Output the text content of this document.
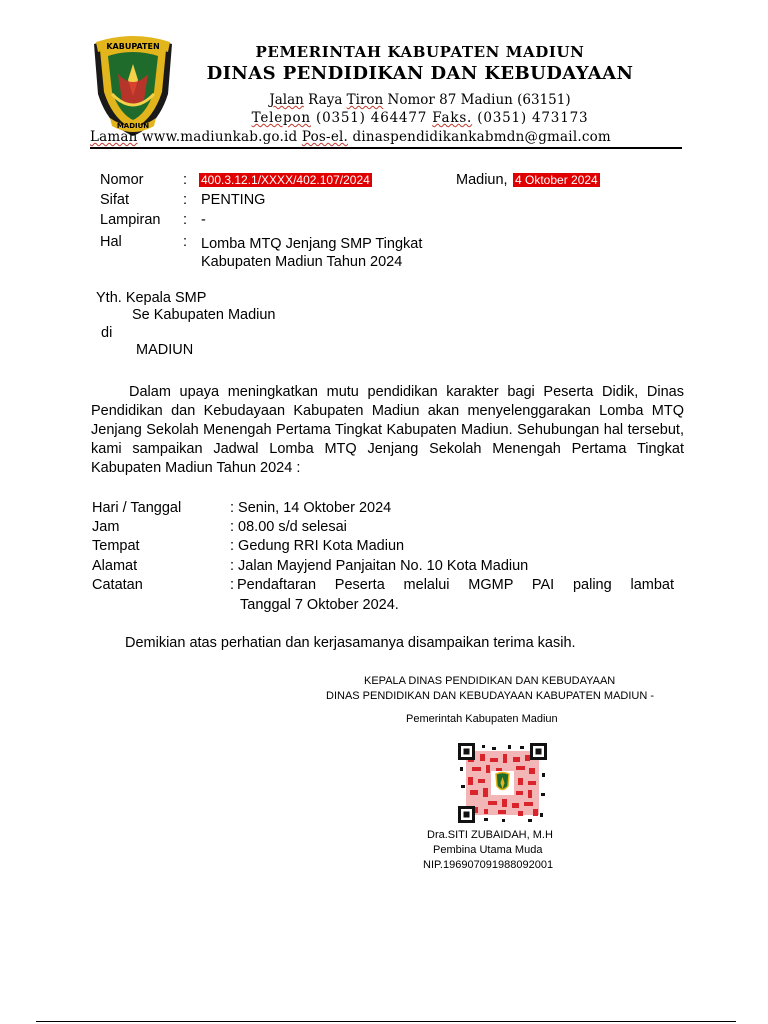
KABUPATEN
MADIUN
PEMERINTAH KABUPATEN MADIUN
DINAS PENDIDIKAN DAN KEBUDAYAAN
Jalan Raya Tiron Nomor 87 Madiun (63151)
Telepon (0351) 464477 Faks. (0351) 473173
Laman www.madiunkab.go.id Pos-el. dinaspendidikankabmdn@gmail.com
Nomor	: 400.3.12.1/XXXX/402.107/2024	Madiun, 4 Oktober 2024
Sifat	: PENTING
Lampiran : -
Hal	: Lomba MTQ Jenjang SMP Tingkat
Kabupaten Madiun Tahun 2024
Yth. Kepala SMP
Se Kabupaten Madiun
di
MADIUN
Dalam upaya meningkatkan mutu pendidikan karakter bagi Peserta Didik, Dinas Pendidikan dan Kebudayaan Kabupaten Madiun akan menyelenggarakan Lomba MTQ Jenjang Sekolah Menengah Pertama Tingkat Kabupaten Madiun. Sehubungan hal tersebut, kami sampaikan Jadwal Lomba MTQ Jenjang Sekolah Menengah Pertama Tingkat Kabupaten Madiun Tahun 2024 :
Hari / Tanggal	: Senin, 14 Oktober 2024
Jam	: 08.00 s/d selesai
Tempat	: Gedung RRI Kota Madiun
Alamat	: Jalan Mayjend Panjaitan No. 10 Kota Madiun
Catatan	: Pendaftaran Peserta melalui MGMP PAI paling lambat
Tanggal 7 Oktober 2024.
Demikian atas perhatian dan kerjasamanya disampaikan terima kasih.
KEPALA DINAS PENDIDIKAN DAN KEBUDAYAAN
DINAS PENDIDIKAN DAN KEBUDAYAAN KABUPATEN MADIUN -
Pemerintah Kabupaten Madiun
Dra.SITI ZUBAIDAH, M.H
Pembina Utama Muda
NIP.196907091988092001
